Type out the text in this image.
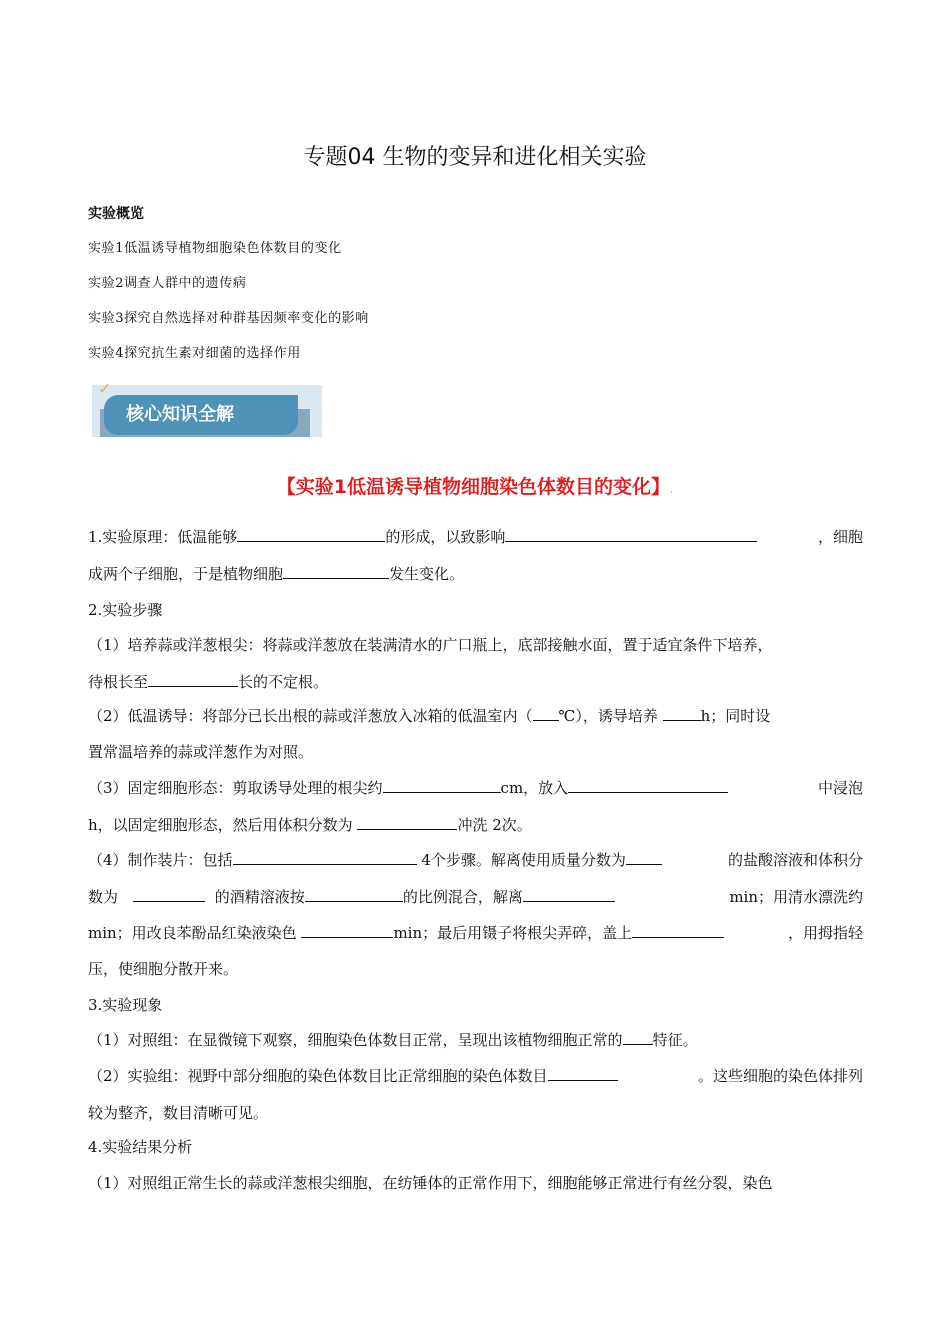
专题04 生物的变异和进化相关实验
实验概览
实验1低温诱导植物细胞染色体数目的变化
实验2调查人群中的遗传病
实验3探究自然选择对种群基因频率变化的影响
实验4探究抗生素对细菌的选择作用
核心知识全解
✓
【实验1低温诱导植物细胞染色体数目的变化】.
1.实验原理：低温能够	的形成，以致影响	，细胞
成两个子细胞，于是植物细胞	发生变化。
2.实验步骤
（1）培养蒜或洋葱根尖：将蒜或洋葱放在装满清水的广口瓶上，底部接触水面，置于适宜条件下培养，
待根长至	长的不定根。
（2）低温诱导：将部分已长出根的蒜或洋葱放入冰箱的低温室内（ ℃），诱导培养	h；同时设
置常温培养的蒜或洋葱作为对照。
（3）固定细胞形态：剪取诱导处理的根尖约	cm，放入	中浸泡
h，以固定细胞形态，然后用体积分数为	冲洗 2次。
（4）制作装片：包括	4个步骤。解离使用质量分数为	的盐酸溶液和体积分
数为	的酒精溶液按	的比例混合，解离	min；用清水漂洗约
min；用改良苯酚品红染液染色	min；最后用镊子将根尖弄碎，盖上	，用拇指轻
压，使细胞分散开来。
3.实验现象
（1）对照组：在显微镜下观察，细胞染色体数目正常，呈现出该植物细胞正常的 特征。
（2）实验组：视野中部分细胞的染色体数目比正常细胞的染色体数目	。这些细胞的染色体排列
较为整齐，数目清晰可见。
4.实验结果分析
（1）对照组正常生长的蒜或洋葱根尖细胞，在纺锤体的正常作用下，细胞能够正常进行有丝分裂，染色
